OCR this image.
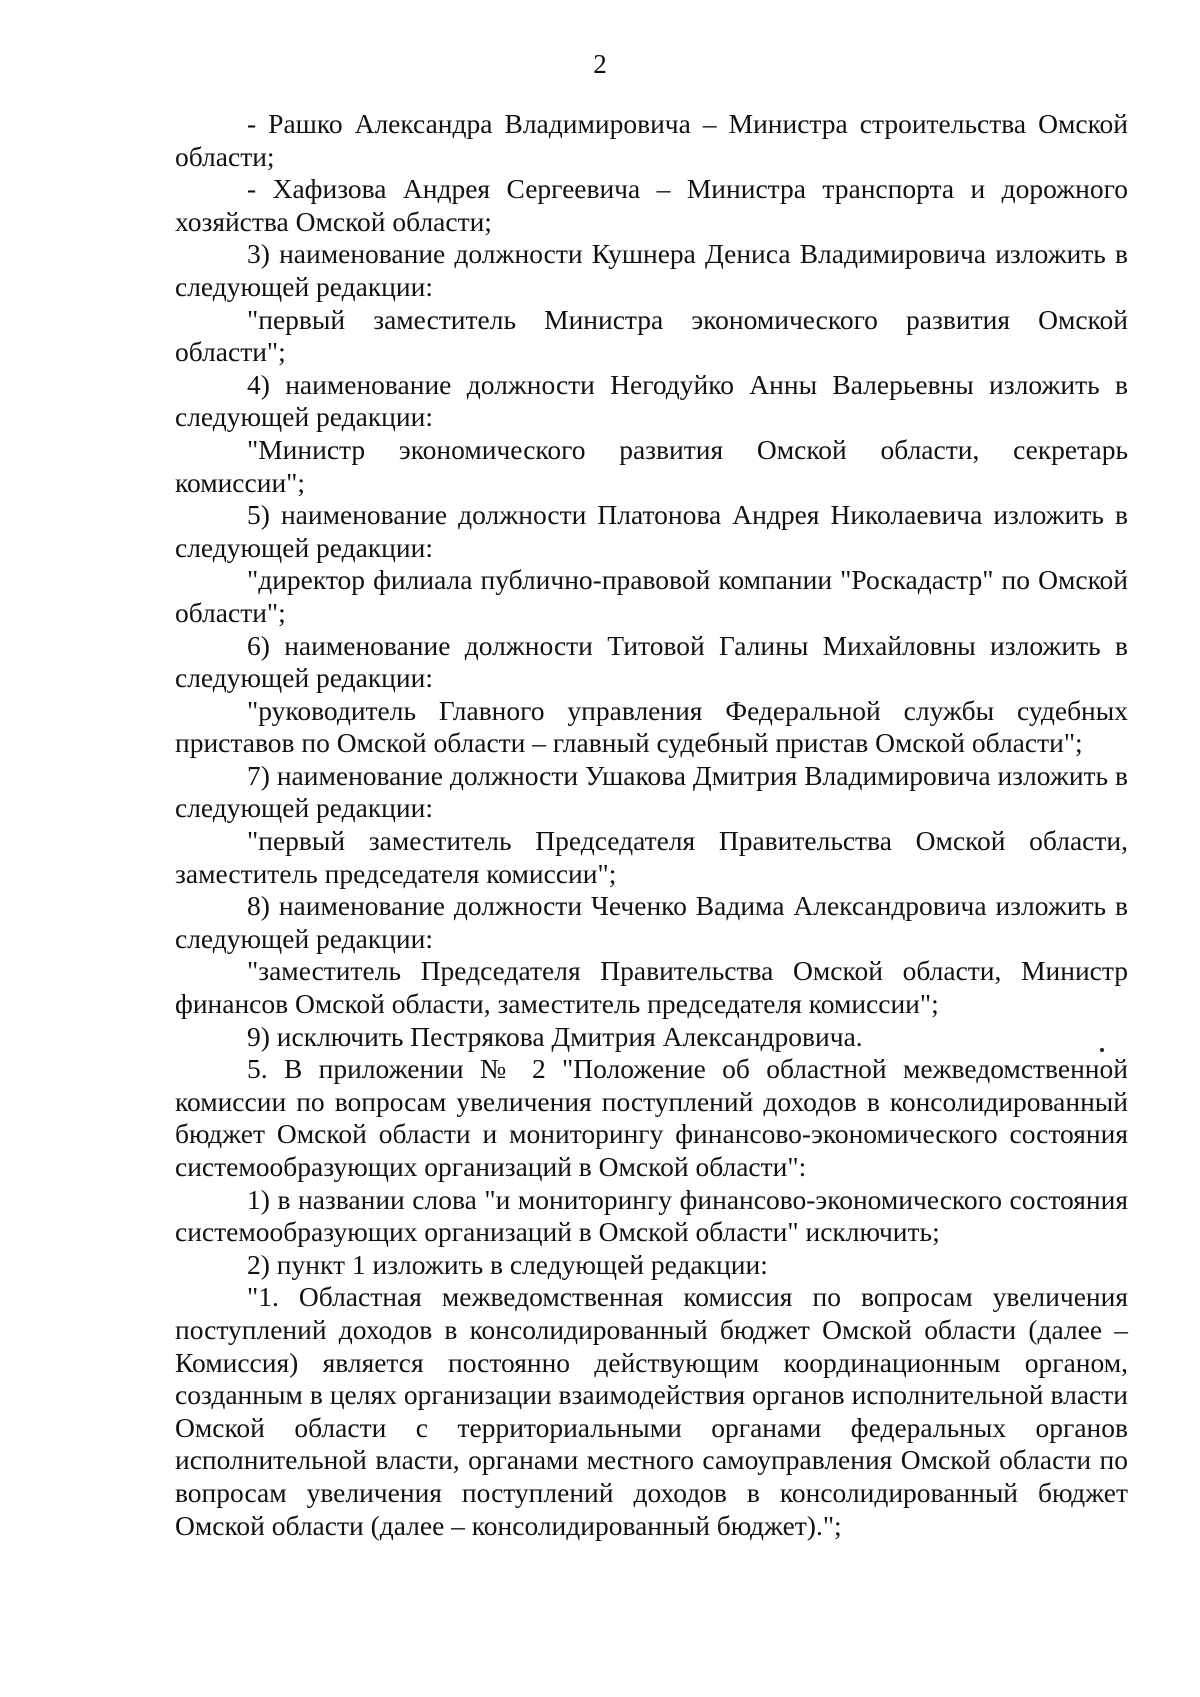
2

- Рашко Александра Владимировича – Министра строительства Омской области;

- Хафизова Андрея Сергеевича – Министра транспорта и дорожного хозяйства Омской области;

3) наименование должности Кушнера Дениса Владимировича изложить в следующей редакции:

"первый заместитель Министра экономического развития Омской области";

4) наименование должности Негодуйко Анны Валерьевны изложить в следующей редакции:

"Министр экономического развития Омской области, секретарь комиссии";

5) наименование должности Платонова Андрея Николаевича изложить в следующей редакции:

"директор филиала публично-правовой компании "Роскадастр" по Омской области";

6) наименование должности Титовой Галины Михайловны изложить в следующей редакции:

"руководитель Главного управления Федеральной службы судебных приставов по Омской области – главный судебный пристав Омской области";

7) наименование должности Ушакова Дмитрия Владимировича изложить в следующей редакции:

"первый заместитель Председателя Правительства Омской области, заместитель председателя комиссии";

8) наименование должности Чеченко Вадима Александровича изложить в следующей редакции:

"заместитель Председателя Правительства Омской области, Министр финансов Омской области, заместитель председателя комиссии";

9) исключить Пестрякова Дмитрия Александровича.

5. В приложении № 2 "Положение об областной межведомственной комиссии по вопросам увеличения поступлений доходов в консолидированный бюджет Омской области и мониторингу финансово-экономического состояния системообразующих организаций в Омской области":

1) в названии слова "и мониторингу финансово-экономического состояния системообразующих организаций в Омской области" исключить;

2) пункт 1 изложить в следующей редакции:

"1. Областная межведомственная комиссия по вопросам увеличения поступлений доходов в консолидированный бюджет Омской области (далее – Комиссия) является постоянно действующим координационным органом, созданным в целях организации взаимодействия органов исполнительной власти Омской области с территориальными органами федеральных органов исполнительной власти, органами местного самоуправления Омской области по вопросам увеличения поступлений доходов в консолидированный бюджет Омской области (далее – консолидированный бюджет).";
